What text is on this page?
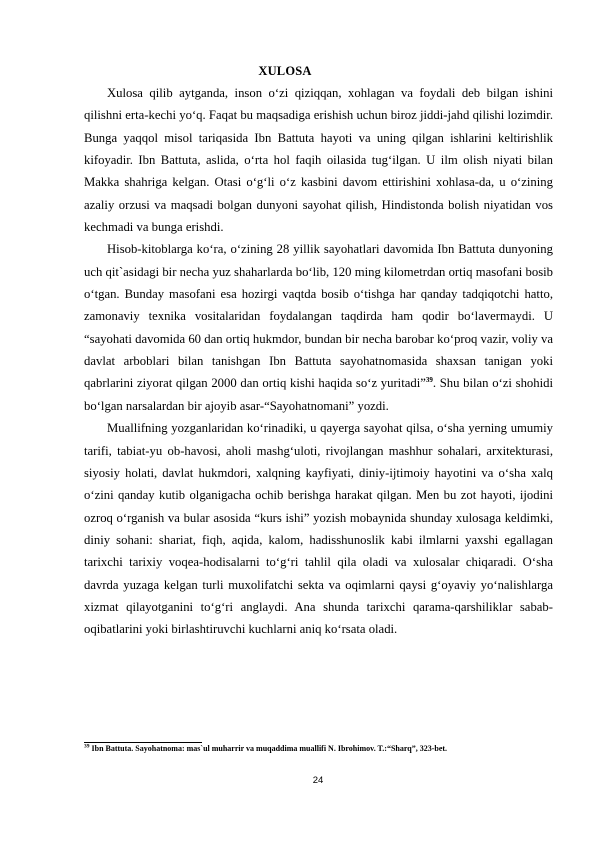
XULOSA

Xulosa qilib aytganda, inson o‘zi qiziqqan, xohlagan va foydali deb bilgan ishini qilishni erta-kechi yo‘q. Faqat bu maqsadiga erishish uchun biroz jiddi-jahd qilishi lozimdir. Bunga yaqqol misol tariqasida Ibn Battuta hayoti va uning qilgan ishlarini keltirishlik kifoyadir. Ibn Battuta, aslida, o‘rta hol faqih oilasida tug‘ilgan. U ilm olish niyati bilan Makka shahriga kelgan. Otasi o‘g‘li o‘z kasbini davom ettirishini xohlasa-da, u o‘zining azaliy orzusi va maqsadi bolgan dunyoni sayohat qilish, Hindistonda bolish niyatidan vos kechmadi va bunga erishdi.

Hisob-kitoblarga ko‘ra, o‘zining 28 yillik sayohatlari davomida Ibn Battuta dunyoning uch qit`asidagi bir necha yuz shaharlarda bo‘lib, 120 ming kilometrdan ortiq masofani bosib o‘tgan. Bunday masofani esa hozirgi vaqtda bosib o‘tishga har qanday tadqiqotchi hatto, zamonaviy texnika vositalaridan foydalangan taqdirda ham qodir bo‘lavermaydi. U “sayohati davomida 60 dan ortiq hukmdor, bundan bir necha barobar ko‘proq vazir, voliy va davlat arboblari bilan tanishgan Ibn Battuta sayohatnomasida shaxsan tanigan yoki qabrlarini ziyorat qilgan 2000 dan ortiq kishi haqida so‘z yuritadi”$^{39}$. Shu bilan o‘zi shohidi bo‘lgan narsalardan bir ajoyib asar-“Sayohatnomani” yozdi.

Muallifning yozganlaridan ko‘rinadiki, u qayerga sayohat qilsa, o‘sha yerning umumiy tarifi, tabiat-yu ob-havosi, aholi mashg‘uloti, rivojlangan mashhur sohalari, arxitekturasi, siyosiy holati, davlat hukmdori, xalqning kayfiyati, diniy-ijtimoiy hayotini va o‘sha xalq o‘zini qanday kutib olganigacha ochib berishga harakat qilgan. Men bu zot hayoti, ijodini ozroq o‘rganish va bular asosida “kurs ishi” yozish mobaynida shunday xulosaga keldimki, diniy sohani: shariat, fiqh, aqida, kalom, hadisshunoslik kabi ilmlarni yaxshi egallagan tarixchi tarixiy voqea-hodisalarni to‘g‘ri tahlil qila oladi va xulosalar chiqaradi. O‘sha davrda yuzaga kelgan turli muxolifatchi sekta va oqimlarni qaysi g‘oyaviy yo‘nalishlarga xizmat qilayotganini to‘g‘ri anglaydi. Ana shunda tarixchi qarama-qarshiliklar sabab-oqibatlarini yoki birlashtiruvchi kuchlarni aniq ko‘rsata oladi.

$^{39}$ Ibn Battuta. Sayohatnoma: mas`ul muharrir va muqaddima muallifi N. Ibrohimov. T.:“Sharq”, 323-bet.
24
